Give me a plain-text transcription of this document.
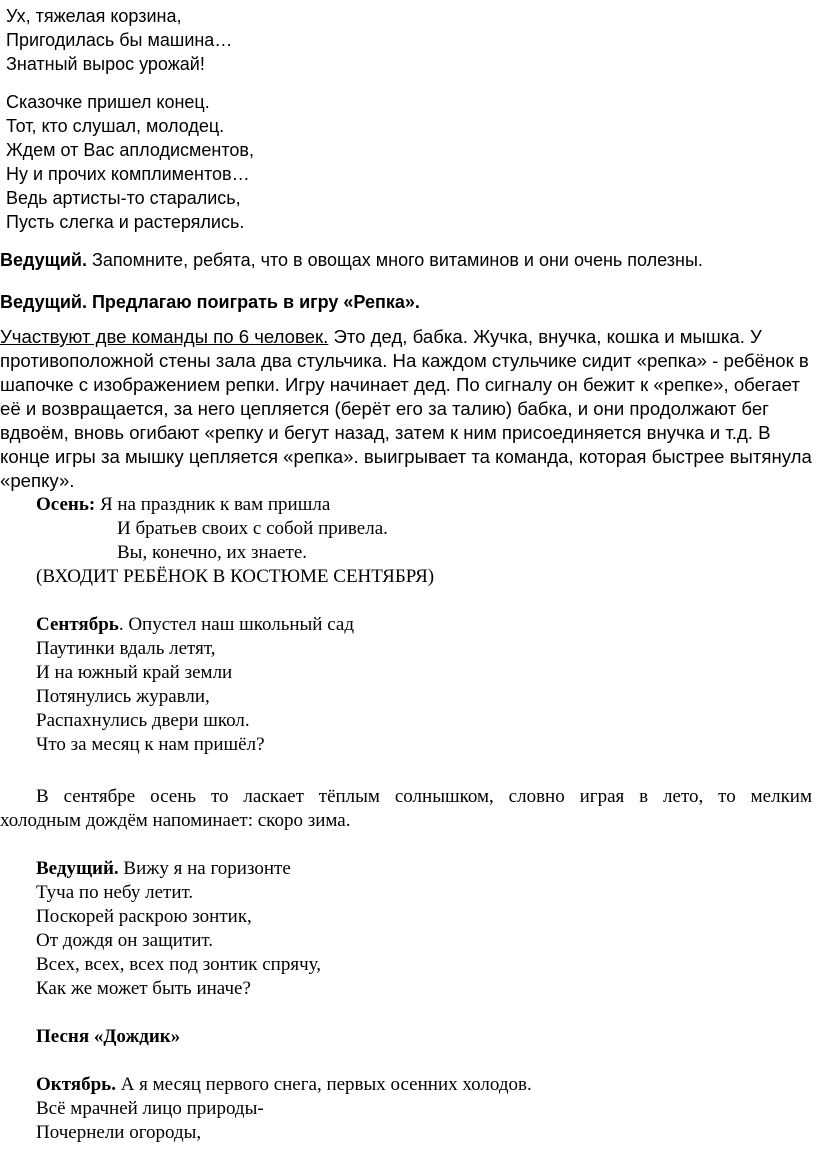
Ух, тяжелая корзина,
Пригодилась бы машина…
Знатный вырос урожай!
Сказочке пришел конец.
Тот, кто слушал, молодец.
Ждем от Вас аплодисментов,
Ну и прочих комплиментов…
Ведь артисты-то старались,
Пусть слегка и растерялись.
Ведущий. Запомните, ребята, что в овощах много витаминов и они очень полезны.
Ведущий. Предлагаю поиграть в игру «Репка».
Участвуют две команды по 6 человек. Это дед, бабка. Жучка, внучка, кошка и мышка. У
противоположной стены зала два стульчика. На каждом стульчике сидит «репка» - ребёнок в
шапочке с изображением репки. Игру начинает дед. По сигналу он бежит к «репке», обегает
её и возвращается, за него цепляется (берёт его за талию) бабка, и они продолжают бег
вдвоём, вновь огибают «репку и бегут назад, затем к ним присоединяется внучка и т.д. В
конце игры за мышку цепляется «репка». выигрывает та команда, которая быстрее вытянула
«репку».
Осень: Я на праздник к вам пришла
И братьев своих с собой привела.
Вы, конечно, их знаете.
(ВХОДИТ РЕБЁНОК В КОСТЮМЕ СЕНТЯБРЯ)
Сентябрь. Опустел наш школьный сад
Паутинки вдаль летят,
И на южный край земли
Потянулись журавли,
Распахнулись двери школ.
Что за месяц к нам пришёл?
В сентябре осень то ласкает тёплым солнышком, словно играя в лето, то мелким
холодным дождём напоминает: скоро зима.
Ведущий. Вижу я на горизонте
Туча по небу летит.
Поскорей раскрою зонтик,
От дождя он защитит.
Всех, всех, всех под зонтик спрячу,
Как же может быть иначе?
Песня «Дождик»
Октябрь. А я месяц первого снега, первых осенних холодов.
Всё мрачней лицо природы-
Почернели огороды,
